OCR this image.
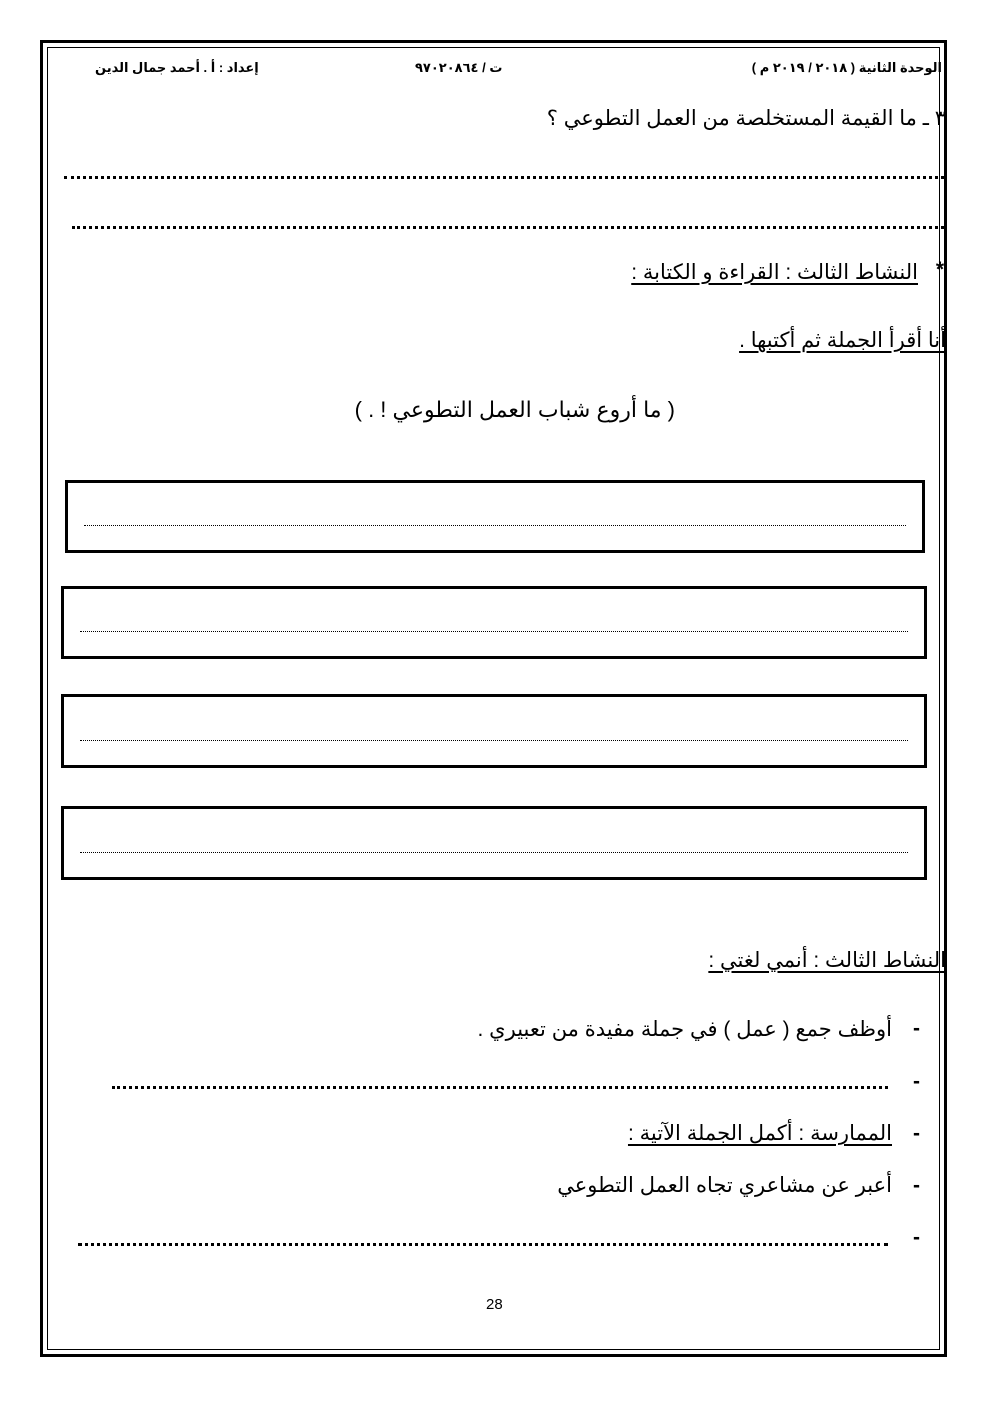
الوحدة الثانية ( ٢٠١٨ / ٢٠١٩ م )
ت / ٩٧٠٢٠٨٦٤
إعداد : أ . أحمد جمال الدين
٣ ـ ما القيمة المستخلصة من العمل التطوعي ؟
*
النشاط الثالث : القراءة و الكتابة :
أنا أقرأ الجملة ثم أكتبها .
( ما أروع شباب العمل التطوعي ! . )
النشاط الثالث : أنمي لغتي :
-
أوظف جمع ( عمل ) في جملة مفيدة من تعبيري .
-
-
الممارسة : أكمل الجملة الآتية :
-
أعبر عن مشاعري تجاه العمل التطوعي
-
28
